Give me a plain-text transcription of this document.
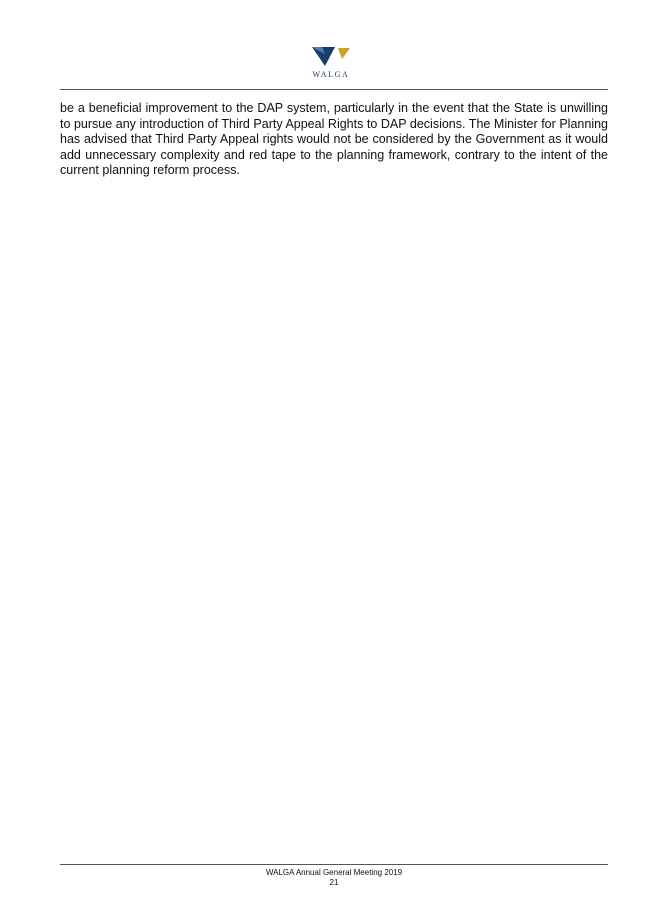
WALGA

be a beneficial improvement to the DAP system, particularly in the event that the State is unwilling to pursue any introduction of Third Party Appeal Rights to DAP decisions. The Minister for Planning has advised that Third Party Appeal rights would not be considered by the Government as it would add unnecessary complexity and red tape to the planning framework, contrary to the intent of the current planning reform process.

WALGA Annual General Meeting 2019
21
